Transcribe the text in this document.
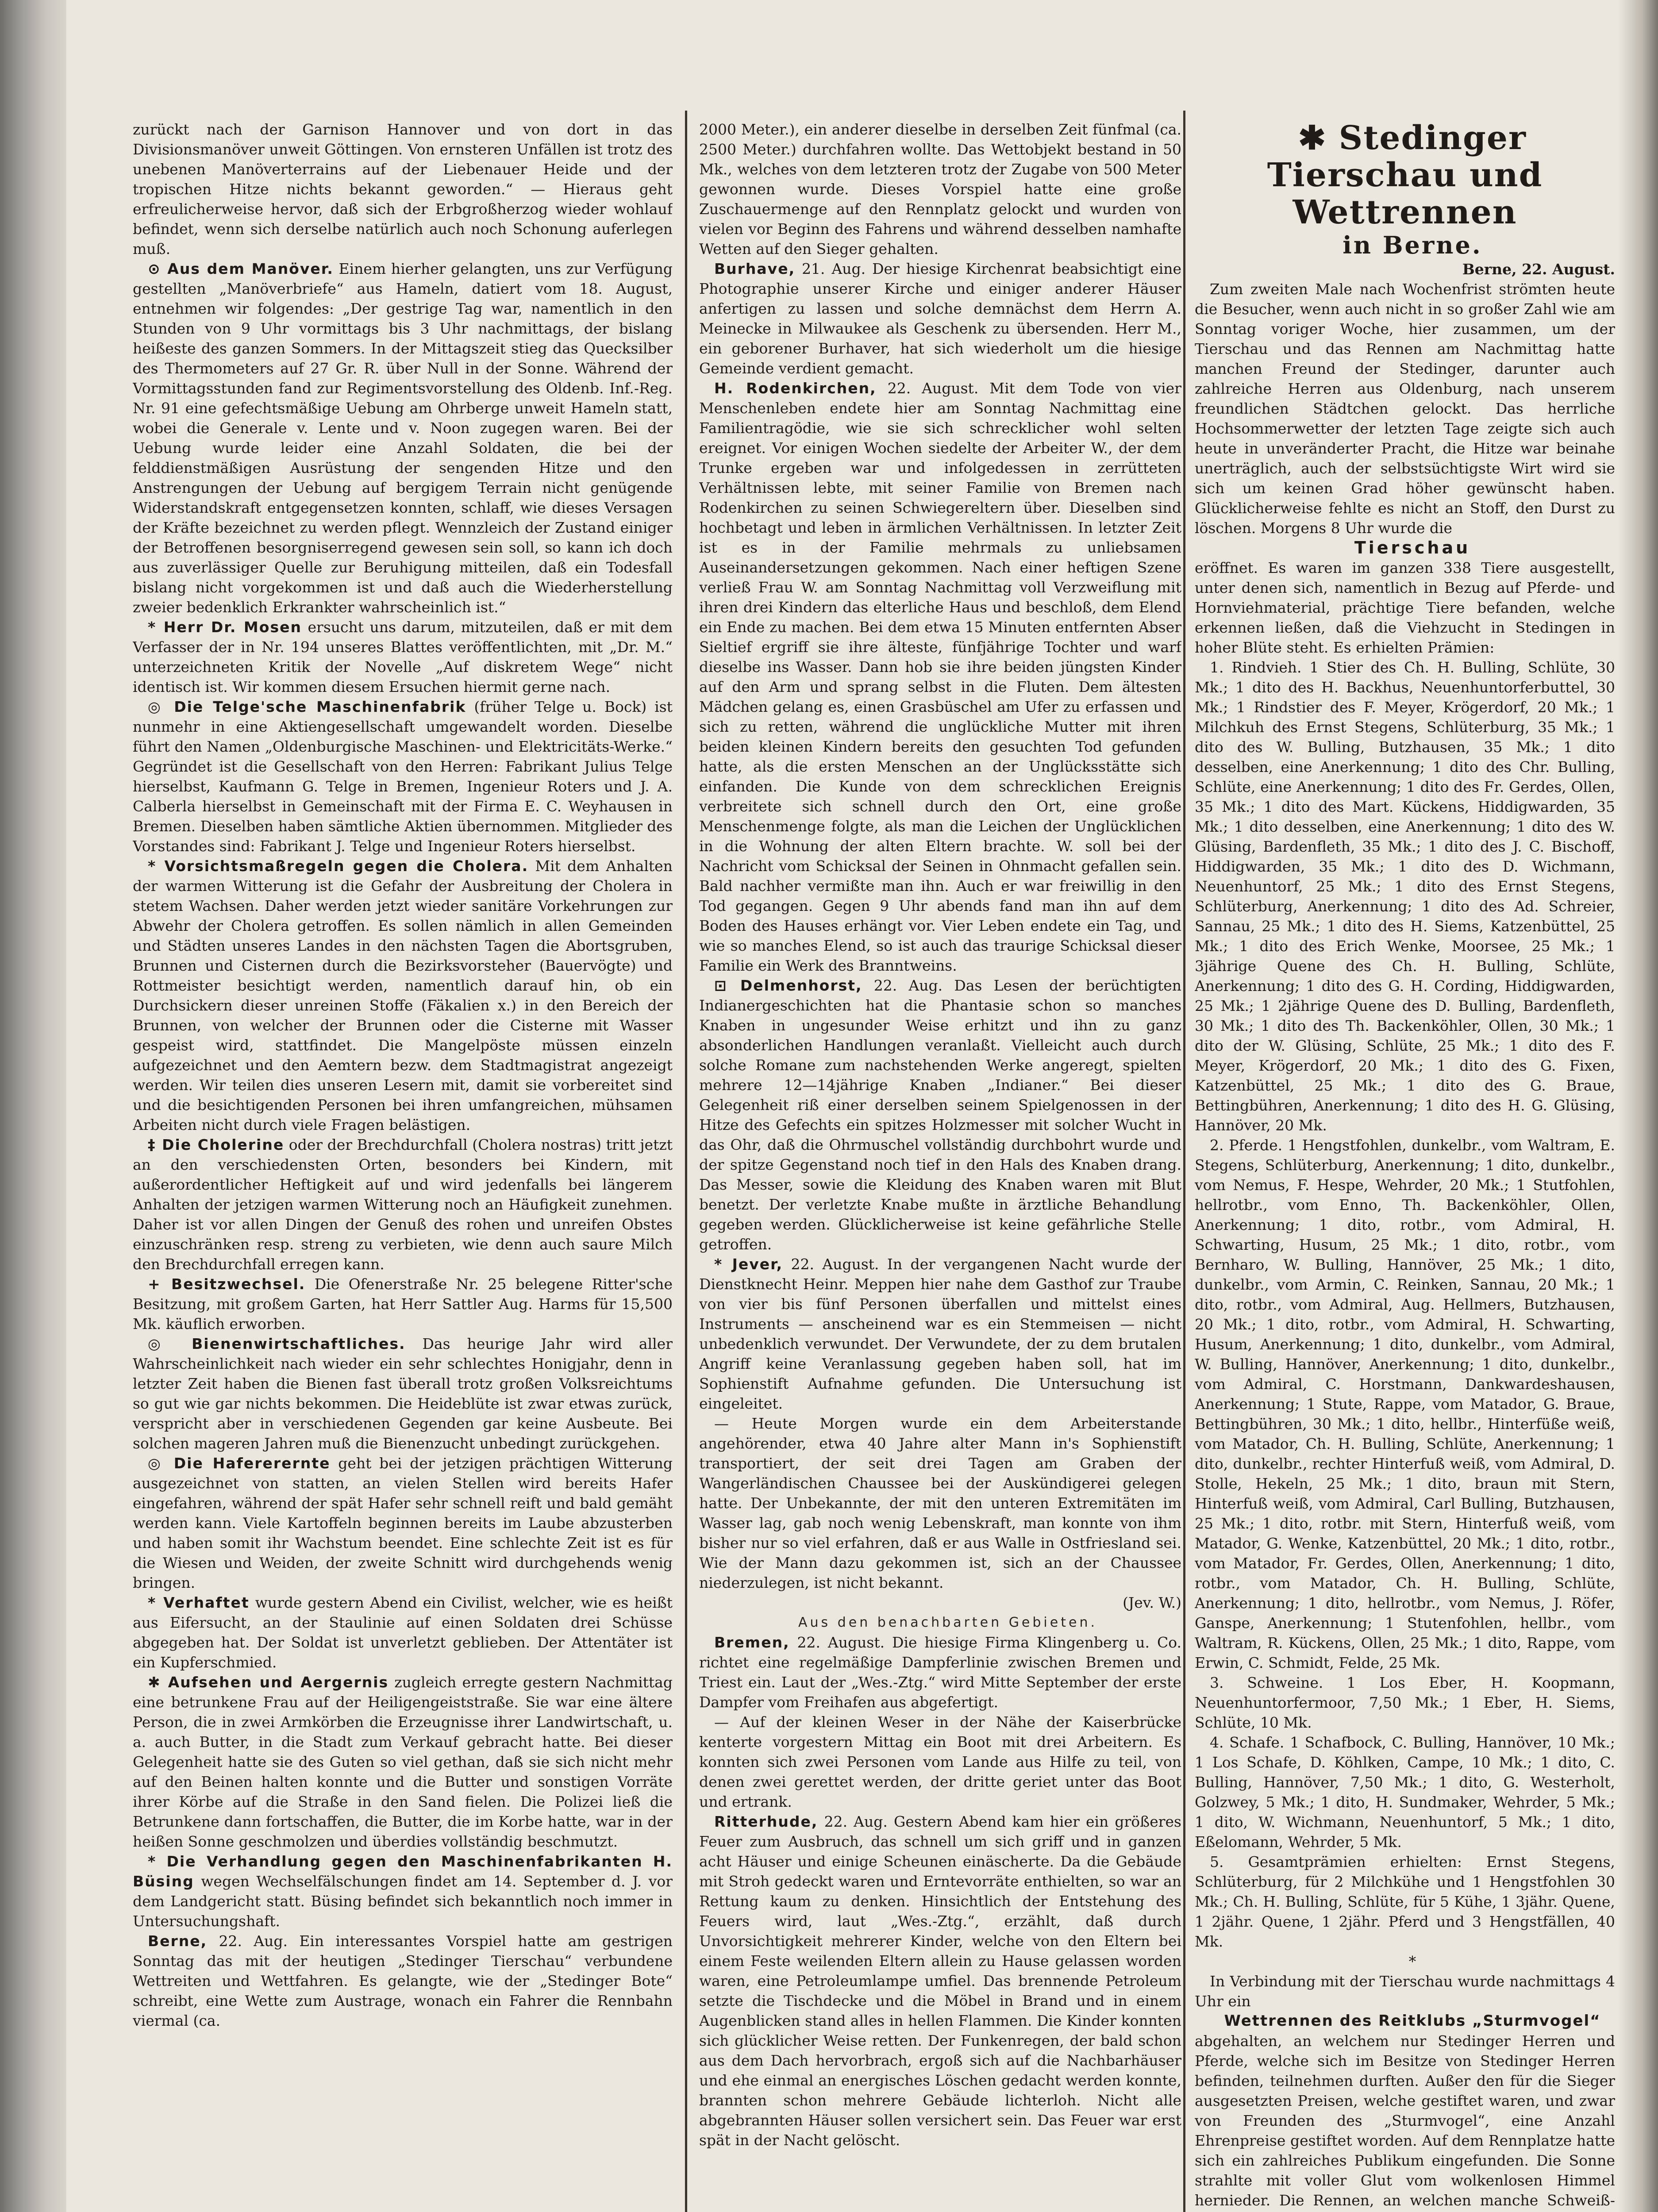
zurückt nach der Garnison Hannover und von dort in das Divisionsmanöver unweit Göttingen. Von ernsteren Unfällen ist trotz des unebenen Manöverterrains auf der Liebenauer Heide und der tropischen Hitze nichts bekannt geworden.“ — Hieraus geht erfreulicherweise hervor, daß sich der Erbgroßherzog wieder wohlauf befindet, wenn sich derselbe natürlich auch noch Schonung auferlegen muß.

⊙ Aus dem Manöver. Einem hierher gelangten, uns zur Verfügung gestellten „Manöverbriefe“ aus Hameln, datiert vom 18. August, entnehmen wir folgendes: „Der gestrige Tag war, namentlich in den Stunden von 9 Uhr vormittags bis 3 Uhr nachmittags, der bislang heißeste des ganzen Sommers. In der Mittagszeit stieg das Quecksilber des Thermometers auf 27 Gr. R. über Null in der Sonne. Während der Vormittagsstunden fand zur Regimentsvorstellung des Oldenb. Inf.-Reg. Nr. 91 eine gefechtsmäßige Uebung am Ohrberge unweit Hameln statt, wobei die Generale v. Lente und v. Noon zugegen waren. Bei der Uebung wurde leider eine Anzahl Soldaten, die bei der felddienstmäßigen Ausrüstung der sengenden Hitze und den Anstrengungen der Uebung auf bergigem Terrain nicht genügende Widerstandskraft entgegensetzen konnten, schlaff, wie dieses Versagen der Kräfte bezeichnet zu werden pflegt. Wennzleich der Zustand einiger der Betroffenen besorgniserregend gewesen sein soll, so kann ich doch aus zuverlässiger Quelle zur Beruhigung mitteilen, daß ein Todesfall bislang nicht vorgekommen ist und daß auch die Wiederherstellung zweier bedenklich Erkrankter wahrscheinlich ist.“

* Herr Dr. Mosen ersucht uns darum, mitzuteilen, daß er mit dem Verfasser der in Nr. 194 unseres Blattes veröffentlichten, mit „Dr. M.“ unterzeichneten Kritik der Novelle „Auf diskretem Wege“ nicht identisch ist. Wir kommen diesem Ersuchen hiermit gerne nach.

◎ Die Telge'sche Maschinenfabrik (früher Telge u. Bock) ist nunmehr in eine Aktiengesellschaft umgewandelt worden. Dieselbe führt den Namen „Oldenburgische Maschinen- und Elektricitäts-Werke.“ Gegründet ist die Gesellschaft von den Herren: Fabrikant Julius Telge hierselbst, Kaufmann G. Telge in Bremen, Ingenieur Roters und J. A. Calberla hierselbst in Gemeinschaft mit der Firma E. C. Weyhausen in Bremen. Dieselben haben sämtliche Aktien übernommen. Mitglieder des Vorstandes sind: Fabrikant J. Telge und Ingenieur Roters hierselbst.

* Vorsichtsmaßregeln gegen die Cholera. Mit dem Anhalten der warmen Witterung ist die Gefahr der Ausbreitung der Cholera in stetem Wachsen. Daher werden jetzt wieder sanitäre Vorkehrungen zur Abwehr der Cholera getroffen. Es sollen nämlich in allen Gemeinden und Städten unseres Landes in den nächsten Tagen die Abortsgruben, Brunnen und Cisternen durch die Bezirksvorsteher (Bauervögte) und Rottmeister besichtigt werden, namentlich darauf hin, ob ein Durchsickern dieser unreinen Stoffe (Fäkalien x.) in den Bereich der Brunnen, von welcher der Brunnen oder die Cisterne mit Wasser gespeist wird, stattfindet. Die Mangelpöste müssen einzeln aufgezeichnet und den Aemtern bezw. dem Stadtmagistrat angezeigt werden. Wir teilen dies unseren Lesern mit, damit sie vorbereitet sind und die besichtigenden Personen bei ihren umfangreichen, mühsamen Arbeiten nicht durch viele Fragen belästigen.

‡ Die Cholerine oder der Brechdurchfall (Cholera nostras) tritt jetzt an den verschiedensten Orten, besonders bei Kindern, mit außerordentlicher Heftigkeit auf und wird jedenfalls bei längerem Anhalten der jetzigen warmen Witterung noch an Häufigkeit zunehmen. Daher ist vor allen Dingen der Genuß des rohen und unreifen Obstes einzuschränken resp. streng zu verbieten, wie denn auch saure Milch den Brechdurchfall erregen kann.

+ Besitzwechsel. Die Ofenerstraße Nr. 25 belegene Ritter'sche Besitzung, mit großem Garten, hat Herr Sattler Aug. Harms für 15,500 Mk. käuflich erworben.

◎ Bienenwirtschaftliches. Das heurige Jahr wird aller Wahrscheinlichkeit nach wieder ein sehr schlechtes Honigjahr, denn in letzter Zeit haben die Bienen fast überall trotz großen Volksreichtums so gut wie gar nichts bekommen. Die Heideblüte ist zwar etwas zurück, verspricht aber in verschiedenen Gegenden gar keine Ausbeute. Bei solchen mageren Jahren muß die Bienenzucht unbedingt zurückgehen.

◎ Die Hafererernte geht bei der jetzigen prächtigen Witterung ausgezeichnet von statten, an vielen Stellen wird bereits Hafer eingefahren, während der spät Hafer sehr schnell reift und bald gemäht werden kann. Viele Kartoffeln beginnen bereits im Laube abzusterben und haben somit ihr Wachstum beendet. Eine schlechte Zeit ist es für die Wiesen und Weiden, der zweite Schnitt wird durchgehends wenig bringen.

* Verhaftet wurde gestern Abend ein Civilist, welcher, wie es heißt aus Eifersucht, an der Staulinie auf einen Soldaten drei Schüsse abgegeben hat. Der Soldat ist unverletzt geblieben. Der Attentäter ist ein Kupferschmied.

✱ Aufsehen und Aergernis zugleich erregte gestern Nachmittag eine betrunkene Frau auf der Heiligengeiststraße. Sie war eine ältere Person, die in zwei Armkörben die Erzeugnisse ihrer Landwirtschaft, u. a. auch Butter, in die Stadt zum Verkauf gebracht hatte. Bei dieser Gelegenheit hatte sie des Guten so viel gethan, daß sie sich nicht mehr auf den Beinen halten konnte und die Butter und sonstigen Vorräte ihrer Körbe auf die Straße in den Sand fielen. Die Polizei ließ die Betrunkene dann fortschaffen, die Butter, die im Korbe hatte, war in der heißen Sonne geschmolzen und überdies vollständig beschmutzt.

* Die Verhandlung gegen den Maschinenfabrikanten H. Büsing wegen Wechselfälschungen findet am 14. September d. J. vor dem Landgericht statt. Büsing befindet sich bekanntlich noch immer in Untersuchungshaft.

Berne, 22. Aug. Ein interessantes Vorspiel hatte am gestrigen Sonntag das mit der heutigen „Stedinger Tierschau“ verbundene Wettreiten und Wettfahren. Es gelangte, wie der „Stedinger Bote“ schreibt, eine Wette zum Austrage, wonach ein Fahrer die Rennbahn viermal (ca.

2000 Meter.), ein anderer dieselbe in derselben Zeit fünfmal (ca. 2500 Meter.) durchfahren wollte. Das Wettobjekt bestand in 50 Mk., welches von dem letzteren trotz der Zugabe von 500 Meter gewonnen wurde. Dieses Vorspiel hatte eine große Zuschauermenge auf den Rennplatz gelockt und wurden von vielen vor Beginn des Fahrens und während desselben namhafte Wetten auf den Sieger gehalten.

Burhave, 21. Aug. Der hiesige Kirchenrat beabsichtigt eine Photographie unserer Kirche und einiger anderer Häuser anfertigen zu lassen und solche demnächst dem Herrn A. Meinecke in Milwaukee als Geschenk zu übersenden. Herr M., ein geborener Burhaver, hat sich wiederholt um die hiesige Gemeinde verdient gemacht.

H. Rodenkirchen, 22. August. Mit dem Tode von vier Menschenleben endete hier am Sonntag Nachmittag eine Familientragödie, wie sie sich schrecklicher wohl selten ereignet. Vor einigen Wochen siedelte der Arbeiter W., der dem Trunke ergeben war und infolgedessen in zerrütteten Verhältnissen lebte, mit seiner Familie von Bremen nach Rodenkirchen zu seinen Schwiegereltern über. Dieselben sind hochbetagt und leben in ärmlichen Verhältnissen. In letzter Zeit ist es in der Familie mehrmals zu unliebsamen Auseinandersetzungen gekommen. Nach einer heftigen Szene verließ Frau W. am Sonntag Nachmittag voll Verzweiflung mit ihren drei Kindern das elterliche Haus und beschloß, dem Elend ein Ende zu machen. Bei dem etwa 15 Minuten entfernten Abser Sieltief ergriff sie ihre älteste, fünfjährige Tochter und warf dieselbe ins Wasser. Dann hob sie ihre beiden jüngsten Kinder auf den Arm und sprang selbst in die Fluten. Dem ältesten Mädchen gelang es, einen Grasbüschel am Ufer zu erfassen und sich zu retten, während die unglückliche Mutter mit ihren beiden kleinen Kindern bereits den gesuchten Tod gefunden hatte, als die ersten Menschen an der Unglücksstätte sich einfanden. Die Kunde von dem schrecklichen Ereignis verbreitete sich schnell durch den Ort, eine große Menschenmenge folgte, als man die Leichen der Unglücklichen in die Wohnung der alten Eltern brachte. W. soll bei der Nachricht vom Schicksal der Seinen in Ohnmacht gefallen sein. Bald nachher vermißte man ihn. Auch er war freiwillig in den Tod gegangen. Gegen 9 Uhr abends fand man ihn auf dem Boden des Hauses erhängt vor. Vier Leben endete ein Tag, und wie so manches Elend, so ist auch das traurige Schicksal dieser Familie ein Werk des Branntweins.

⊡ Delmenhorst, 22. Aug. Das Lesen der berüchtigten Indianergeschichten hat die Phantasie schon so manches Knaben in ungesunder Weise erhitzt und ihn zu ganz absonderlichen Handlungen veranlaßt. Vielleicht auch durch solche Romane zum nachstehenden Werke angeregt, spielten mehrere 12—14jährige Knaben „Indianer.“ Bei dieser Gelegenheit riß einer derselben seinem Spielgenossen in der Hitze des Gefechts ein spitzes Holzmesser mit solcher Wucht in das Ohr, daß die Ohrmuschel vollständig durchbohrt wurde und der spitze Gegenstand noch tief in den Hals des Knaben drang. Das Messer, sowie die Kleidung des Knaben waren mit Blut benetzt. Der verletzte Knabe mußte in ärztliche Behandlung gegeben werden. Glücklicherweise ist keine gefährliche Stelle getroffen.

* Jever, 22. August. In der vergangenen Nacht wurde der Dienstknecht Heinr. Meppen hier nahe dem Gasthof zur Traube von vier bis fünf Personen überfallen und mittelst eines Instruments — anscheinend war es ein Stemmeisen — nicht unbedenklich verwundet. Der Verwundete, der zu dem brutalen Angriff keine Veranlassung gegeben haben soll, hat im Sophienstift Aufnahme gefunden. Die Untersuchung ist eingeleitet.

— Heute Morgen wurde ein dem Arbeiterstande angehörender, etwa 40 Jahre alter Mann in's Sophienstift transportiert, der seit drei Tagen am Graben der Wangerländischen Chaussee bei der Auskündigerei gelegen hatte. Der Unbekannte, der mit den unteren Extremitäten im Wasser lag, gab noch wenig Lebenskraft, man konnte von ihm bisher nur so viel erfahren, daß er aus Walle in Ostfriesland sei. Wie der Mann dazu gekommen ist, sich an der Chaussee niederzulegen, ist nicht bekannt.

(Jev. W.)

Aus den benachbarten Gebieten.

Bremen, 22. August. Die hiesige Firma Klingenberg u. Co. richtet eine regelmäßige Dampferlinie zwischen Bremen und Triest ein. Laut der „Wes.-Ztg.“ wird Mitte September der erste Dampfer vom Freihafen aus abgefertigt.

— Auf der kleinen Weser in der Nähe der Kaiserbrücke kenterte vorgestern Mittag ein Boot mit drei Arbeitern. Es konnten sich zwei Personen vom Lande aus Hilfe zu teil, von denen zwei gerettet werden, der dritte geriet unter das Boot und ertrank.

Ritterhude, 22. Aug. Gestern Abend kam hier ein größeres Feuer zum Ausbruch, das schnell um sich griff und in ganzen acht Häuser und einige Scheunen einäscherte. Da die Gebäude mit Stroh gedeckt waren und Erntevorräte enthielten, so war an Rettung kaum zu denken. Hinsichtlich der Entstehung des Feuers wird, laut „Wes.-Ztg.“, erzählt, daß durch Unvorsichtigkeit mehrerer Kinder, welche von den Eltern bei einem Feste weilenden Eltern allein zu Hause gelassen worden waren, eine Petroleumlampe umfiel. Das brennende Petroleum setzte die Tischdecke und die Möbel in Brand und in einem Augenblicken stand alles in hellen Flammen. Die Kinder konnten sich glücklicher Weise retten. Der Funkenregen, der bald schon aus dem Dach hervorbrach, ergoß sich auf die Nachbarhäuser und ehe einmal an energisches Löschen gedacht werden konnte, brannten schon mehrere Gebäude lichterloh. Nicht alle abgebrannten Häuser sollen versichert sein. Das Feuer war erst spät in der Nacht gelöscht.

✱ Stedinger Tierschau und Wettrennen

in Berne.

Berne, 22. August.

Zum zweiten Male nach Wochenfrist strömten heute die Besucher, wenn auch nicht in so großer Zahl wie am Sonntag voriger Woche, hier zusammen, um der Tierschau und das Rennen am Nachmittag hatte manchen Freund der Stedinger, darunter auch zahlreiche Herren aus Oldenburg, nach unserem freundlichen Städtchen gelockt. Das herrliche Hochsommerwetter der letzten Tage zeigte sich auch heute in unveränderter Pracht, die Hitze war beinahe unerträglich, auch der selbstsüchtigste Wirt wird sie sich um keinen Grad höher gewünscht haben. Glücklicherweise fehlte es nicht an Stoff, den Durst zu löschen. Morgens 8 Uhr wurde die

Tierschau

eröffnet. Es waren im ganzen 338 Tiere ausgestellt, unter denen sich, namentlich in Bezug auf Pferde- und Hornviehmaterial, prächtige Tiere befanden, welche erkennen ließen, daß die Viehzucht in Stedingen in hoher Blüte steht. Es erhielten Prämien:

1. Rindvieh. 1 Stier des Ch. H. Bulling, Schlüte, 30 Mk.; 1 dito des H. Backhus, Neuenhuntorferbuttel, 30 Mk.; 1 Rindstier des F. Meyer, Krögerdorf, 20 Mk.; 1 Milchkuh des Ernst Stegens, Schlüterburg, 35 Mk.; 1 dito des W. Bulling, Butzhausen, 35 Mk.; 1 dito desselben, eine Anerkennung; 1 dito des Chr. Bulling, Schlüte, eine Anerkennung; 1 dito des Fr. Gerdes, Ollen, 35 Mk.; 1 dito des Mart. Kückens, Hiddigwarden, 35 Mk.; 1 dito desselben, eine Anerkennung; 1 dito des W. Glüsing, Bardenfleth, 35 Mk.; 1 dito des J. C. Bischoff, Hiddigwarden, 35 Mk.; 1 dito des D. Wichmann, Neuenhuntorf, 25 Mk.; 1 dito des Ernst Stegens, Schlüterburg, Anerkennung; 1 dito des Ad. Schreier, Sannau, 25 Mk.; 1 dito des H. Siems, Katzenbüttel, 25 Mk.; 1 dito des Erich Wenke, Moorsee, 25 Mk.; 1 3jährige Quene des Ch. H. Bulling, Schlüte, Anerkennung; 1 dito des G. H. Cording, Hiddigwarden, 25 Mk.; 1 2jährige Quene des D. Bulling, Bardenfleth, 30 Mk.; 1 dito des Th. Backenköhler, Ollen, 30 Mk.; 1 dito der W. Glüsing, Schlüte, 25 Mk.; 1 dito des F. Meyer, Krögerdorf, 20 Mk.; 1 dito des G. Fixen, Katzenbüttel, 25 Mk.; 1 dito des G. Braue, Bettingbühren, Anerkennung; 1 dito des H. G. Glüsing, Hannöver, 20 Mk.

2. Pferde. 1 Hengstfohlen, dunkelbr., vom Waltram, E. Stegens, Schlüterburg, Anerkennung; 1 dito, dunkelbr., vom Nemus, F. Hespe, Wehrder, 20 Mk.; 1 Stutfohlen, hellrotbr., vom Enno, Th. Backenköhler, Ollen, Anerkennung; 1 dito, rotbr., vom Admiral, H. Schwarting, Husum, 25 Mk.; 1 dito, rotbr., vom Bernharo, W. Bulling, Hannöver, 25 Mk.; 1 dito, dunkelbr., vom Armin, C. Reinken, Sannau, 20 Mk.; 1 dito, rotbr., vom Admiral, Aug. Hellmers, Butzhausen, 20 Mk.; 1 dito, rotbr., vom Admiral, H. Schwarting, Husum, Anerkennung; 1 dito, dunkelbr., vom Admiral, W. Bulling, Hannöver, Anerkennung; 1 dito, dunkelbr., vom Admiral, C. Horstmann, Dankwardeshausen, Anerkennung; 1 Stute, Rappe, vom Matador, G. Braue, Bettingbühren, 30 Mk.; 1 dito, hellbr., Hinterfüße weiß, vom Matador, Ch. H. Bulling, Schlüte, Anerkennung; 1 dito, dunkelbr., rechter Hinterfuß weiß, vom Admiral, D. Stolle, Hekeln, 25 Mk.; 1 dito, braun mit Stern, Hinterfuß weiß, vom Admiral, Carl Bulling, Butzhausen, 25 Mk.; 1 dito, rotbr. mit Stern, Hinterfuß weiß, vom Matador, G. Wenke, Katzenbüttel, 20 Mk.; 1 dito, rotbr., vom Matador, Fr. Gerdes, Ollen, Anerkennung; 1 dito, rotbr., vom Matador, Ch. H. Bulling, Schlüte, Anerkennung; 1 dito, hellrotbr., vom Nemus, J. Röfer, Ganspe, Anerkennung; 1 Stutenfohlen, hellbr., vom Waltram, R. Kückens, Ollen, 25 Mk.; 1 dito, Rappe, vom Erwin, C. Schmidt, Felde, 25 Mk.

3. Schweine. 1 Los Eber, H. Koopmann, Neuenhuntorfermoor, 7,50 Mk.; 1 Eber, H. Siems, Schlüte, 10 Mk.

4. Schafe. 1 Schafbock, C. Bulling, Hannöver, 10 Mk.; 1 Los Schafe, D. Köhlken, Campe, 10 Mk.; 1 dito, C. Bulling, Hannöver, 7,50 Mk.; 1 dito, G. Westerholt, Golzwey, 5 Mk.; 1 dito, H. Sundmaker, Wehrder, 5 Mk.; 1 dito, W. Wichmann, Neuenhuntorf, 5 Mk.; 1 dito, Eßelomann, Wehrder, 5 Mk.

5. Gesamtprämien erhielten: Ernst Stegens, Schlüterburg, für 2 Milchkühe und 1 Hengstfohlen 30 Mk.; Ch. H. Bulling, Schlüte, für 5 Kühe, 1 3jähr. Quene, 1 2jähr. Quene, 1 2jähr. Pferd und 3 Hengstfällen, 40 Mk.

*

In Verbindung mit der Tierschau wurde nachmittags 4 Uhr ein

Wettrennen des Reitklubs „Sturmvogel“

abgehalten, an welchem nur Stedinger Herren und Pferde, welche sich im Besitze von Stedinger Herren befinden, teilnehmen durften. Außer den für die Sieger ausgesetzten Preisen, welche gestiftet waren, und zwar von Freunden des „Sturmvogel“, eine Anzahl Ehrenpreise gestiftet worden. Auf dem Rennplatze hatte sich ein zahlreiches Publikum eingefunden. Die Sonne strahlte mit voller Glut vom wolkenlosen Himmel hernieder. Die Rennen, an welchen manche Schweiß-
